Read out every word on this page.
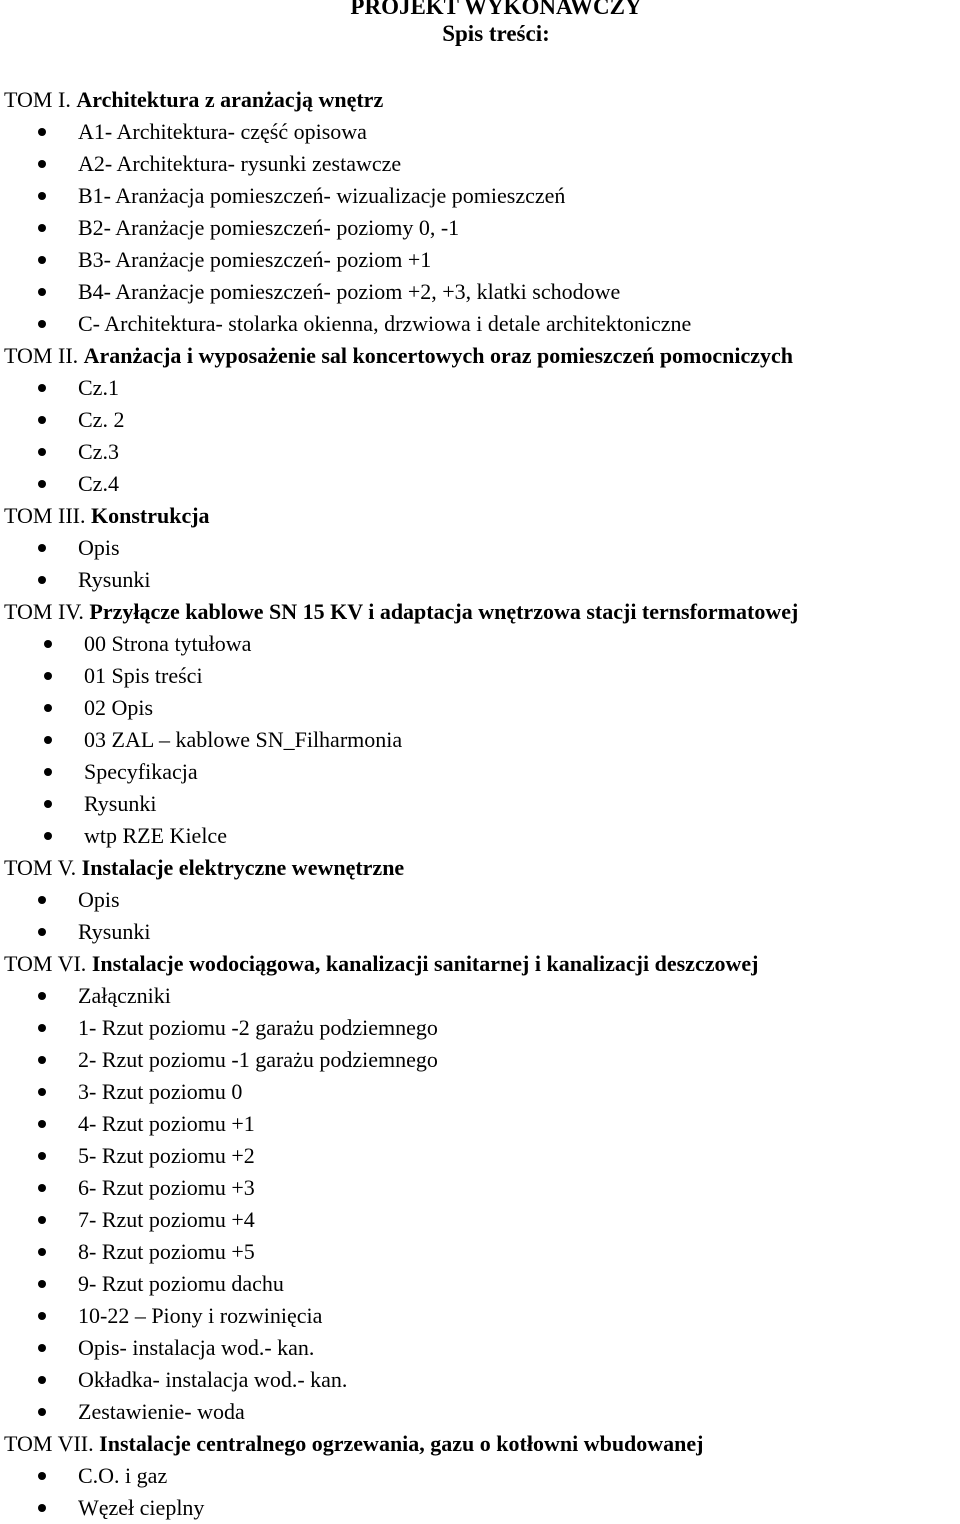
PROJEKT WYKONAWCZY
Spis treści:
TOM I. Architektura z aranżacją wnętrz
A1- Architektura- część opisowa
A2- Architektura- rysunki zestawcze
B1- Aranżacja pomieszczeń- wizualizacje pomieszczeń
B2- Aranżacje pomieszczeń- poziomy 0, -1
B3- Aranżacje pomieszczeń- poziom +1
B4- Aranżacje pomieszczeń- poziom +2, +3, klatki schodowe
C- Architektura- stolarka okienna, drzwiowa i detale architektoniczne
TOM II. Aranżacja i wyposażenie sal koncertowych oraz pomieszczeń pomocniczych
Cz.1
Cz. 2
Cz.3
Cz.4
TOM III. Konstrukcja
Opis
Rysunki
TOM IV. Przyłącze kablowe SN 15 KV i adaptacja wnętrzowa stacji ternsformatowej
00 Strona tytułowa
01 Spis treści
02 Opis
03 ZAL – kablowe SN_Filharmonia
Specyfikacja
Rysunki
wtp RZE Kielce
TOM V. Instalacje elektryczne wewnętrzne
Opis
Rysunki
TOM VI. Instalacje wodociągowa, kanalizacji sanitarnej i kanalizacji deszczowej
Załączniki
1- Rzut poziomu -2 garażu podziemnego
2- Rzut poziomu -1 garażu podziemnego
3- Rzut poziomu 0
4- Rzut poziomu +1
5- Rzut poziomu +2
6- Rzut poziomu +3
7- Rzut poziomu +4
8- Rzut poziomu +5
9- Rzut poziomu dachu
10-22 – Piony i rozwinięcia
Opis- instalacja wod.- kan.
Okładka- instalacja wod.- kan.
Zestawienie- woda
TOM VII. Instalacje centralnego ogrzewania, gazu o kotłowni wbudowanej
C.O. i gaz
Węzeł cieplny
